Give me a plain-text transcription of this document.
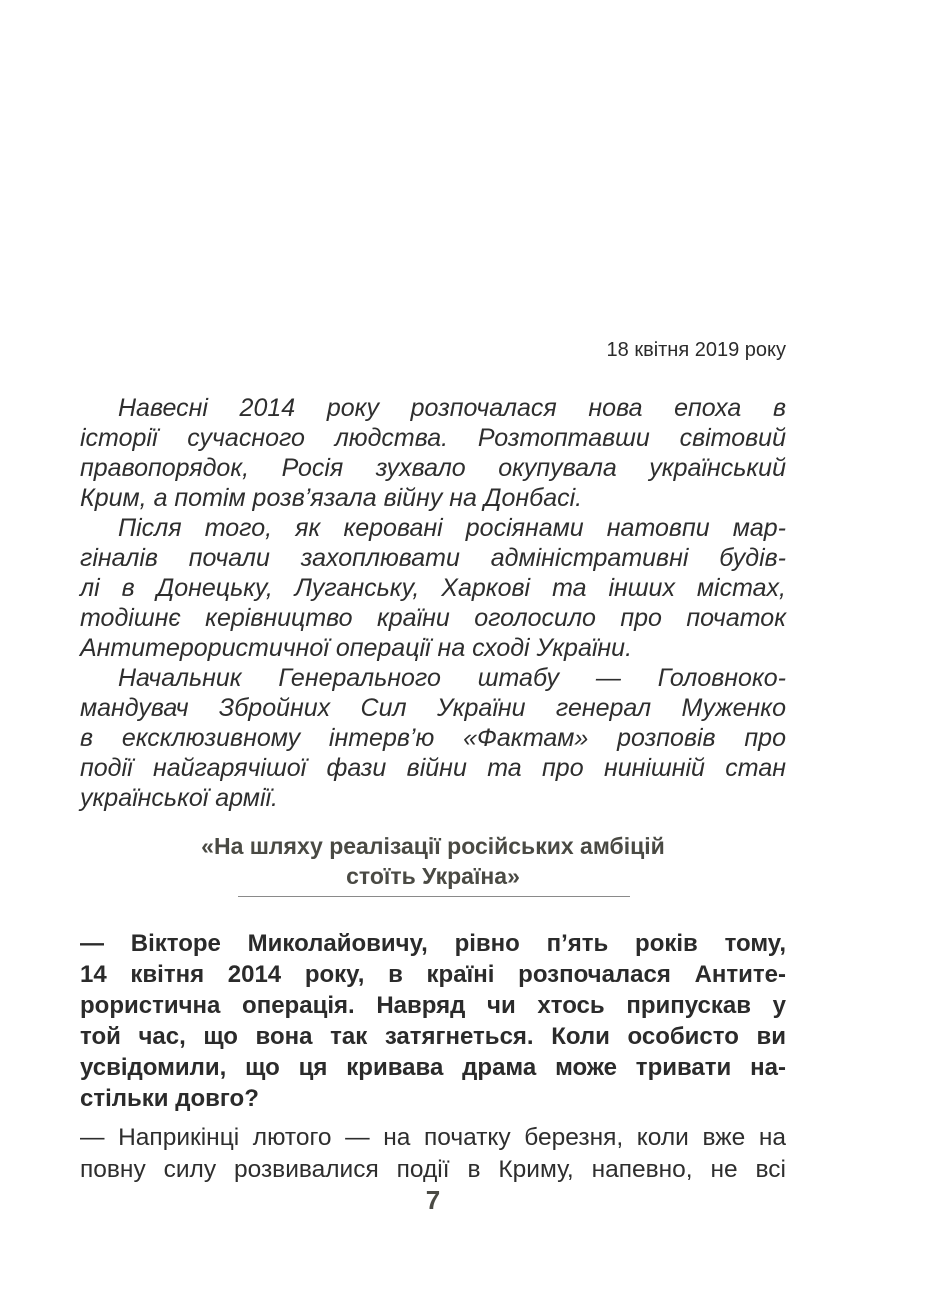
18 квітня 2019 року
Навесні 2014 року розпочалася нова епоха в
історії сучасного людства. Розтоптавши світовий
правопорядок, Росія зухвало окупувала український
Крим, а потім розв’язала війну на Донбасі.
Після того, як керовані росіянами натовпи мар-
гіналів почали захоплювати адміністративні будів-
лі в Донецьку, Луганську, Харкові та інших містах,
тодішнє керівництво країни оголосило про початок
Антитерористичної операції на сході України.
Начальник Генерального штабу — Головноко-
мандувач Збройних Сил України генерал Муженко
в ексклюзивному інтерв’ю «Фактам» розповів про
події найгарячішої фази війни та про нинішній стан
української армії.
«На шляху реалізації російських амбіцій
стоїть Україна»
— Вікторе Миколайовичу, рівно п’ять років тому,
14 квітня 2014 року, в країні розпочалася Антите-
рористична операція. Навряд чи хтось припускав у
той час, що вона так затягнеться. Коли особисто ви
усвідомили, що ця кривава драма може тривати на-
стільки довго?
— Наприкінці лютого — на початку березня, коли вже на
повну силу розвивалися події в Криму, напевно, не всі
7
